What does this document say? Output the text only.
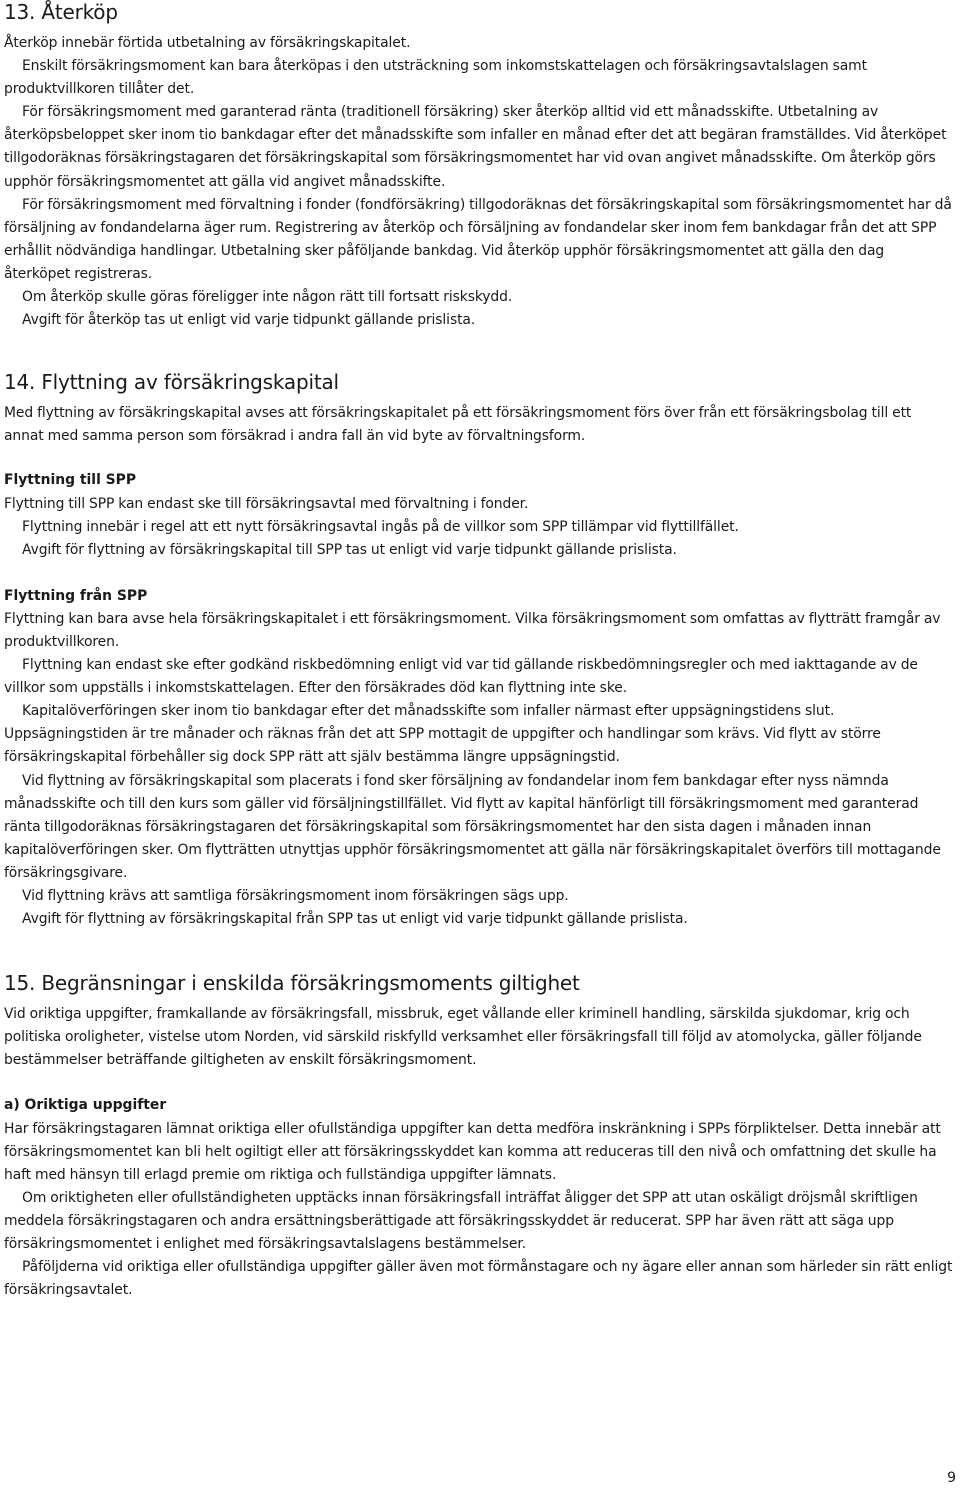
13. Återköp

Återköp innebär förtida utbetalning av försäkringskapitalet.

Enskilt försäkringsmoment kan bara återköpas i den utsträckning som inkomstskattelagen och försäkringsavtalslagen samt produktvillkoren tillåter det.

För försäkringsmoment med garanterad ränta (traditionell försäkring) sker återköp alltid vid ett månadsskifte. Utbetalning av återköpsbeloppet sker inom tio bankdagar efter det månadsskifte som infaller en månad efter det att begäran framställdes. Vid återköpet tillgodoräknas försäkringstagaren det försäkringskapital som försäkringsmomentet har vid ovan angivet månadsskifte. Om återköp görs upphör försäkringsmomentet att gälla vid angivet månadsskifte.

För försäkringsmoment med förvaltning i fonder (fondförsäkring) tillgodoräknas det försäkringskapital som försäkringsmomentet har då försäljning av fondandelarna äger rum. Registrering av återköp och försäljning av fondandelar sker inom fem bankdagar från det att SPP erhållit nödvändiga handlingar. Utbetalning sker påföljande bankdag. Vid återköp upphör försäkringsmomentet att gälla den dag återköpet registreras.

Om återköp skulle göras föreligger inte någon rätt till fortsatt riskskydd.

Avgift för återköp tas ut enligt vid varje tidpunkt gällande prislista.

14. Flyttning av försäkringskapital

Med flyttning av försäkringskapital avses att försäkringskapitalet på ett försäkringsmoment förs över från ett försäkringsbolag till ett annat med samma person som försäkrad i andra fall än vid byte av förvaltningsform.

Flyttning till SPP

Flyttning till SPP kan endast ske till försäkringsavtal med förvaltning i fonder.

Flyttning innebär i regel att ett nytt försäkringsavtal ingås på de villkor som SPP tillämpar vid flyttillfället.

Avgift för flyttning av försäkringskapital till SPP tas ut enligt vid varje tidpunkt gällande prislista.

Flyttning från SPP

Flyttning kan bara avse hela försäkringskapitalet i ett försäkringsmoment. Vilka försäkringsmoment som omfattas av flytträtt framgår av produktvillkoren.

Flyttning kan endast ske efter godkänd riskbedömning enligt vid var tid gällande riskbedömningsregler och med iakttagande av de villkor som uppställs i inkomstskattelagen. Efter den försäkrades död kan flyttning inte ske.

Kapitalöverföringen sker inom tio bankdagar efter det månadsskifte som infaller närmast efter uppsägningstidens slut. Uppsägningstiden är tre månader och räknas från det att SPP mottagit de uppgifter och handlingar som krävs. Vid flytt av större försäkringskapital förbehåller sig dock SPP rätt att själv bestämma längre uppsägningstid.

Vid flyttning av försäkringskapital som placerats i fond sker försäljning av fondandelar inom fem bankdagar efter nyss nämnda månadsskifte och till den kurs som gäller vid försäljningstillfället. Vid flytt av kapital hänförligt till försäkringsmoment med garanterad ränta tillgodoräknas försäkringstagaren det försäkringskapital som försäkringsmomentet har den sista dagen i månaden innan kapitalöverföringen sker. Om flytträtten utnyttjas upphör försäkringsmomentet att gälla när försäkringskapitalet överförs till mottagande försäkringsgivare.

Vid flyttning krävs att samtliga försäkringsmoment inom försäkringen sägs upp.

Avgift för flyttning av försäkringskapital från SPP tas ut enligt vid varje tidpunkt gällande prislista.

15. Begränsningar i enskilda försäkringsmoments giltighet

Vid oriktiga uppgifter, framkallande av försäkringsfall, missbruk, eget vållande eller kriminell handling, särskilda sjukdomar, krig och politiska oroligheter, vistelse utom Norden, vid särskild riskfylld verksamhet eller försäkringsfall till följd av atomolycka, gäller följande bestämmelser beträffande giltigheten av enskilt försäkringsmoment.

a) Oriktiga uppgifter

Har försäkringstagaren lämnat oriktiga eller ofullständiga uppgifter kan detta medföra inskränkning i SPPs förpliktelser. Detta innebär att försäkringsmomentet kan bli helt ogiltigt eller att försäkringsskyddet kan komma att reduceras till den nivå och omfattning det skulle ha haft med hänsyn till erlagd premie om riktiga och fullständiga uppgifter lämnats.

Om oriktigheten eller ofullständigheten upptäcks innan försäkringsfall inträffat åligger det SPP att utan oskäligt dröjsmål skriftligen meddela försäkringstagaren och andra ersättningsberättigade att försäkringsskyddet är reducerat. SPP har även rätt att säga upp försäkringsmomentet i enlighet med försäkringsavtalslagens bestämmelser.

Påföljderna vid oriktiga eller ofullständiga uppgifter gäller även mot förmånstagare och ny ägare eller annan som härleder sin rätt enligt försäkringsavtalet.

9
